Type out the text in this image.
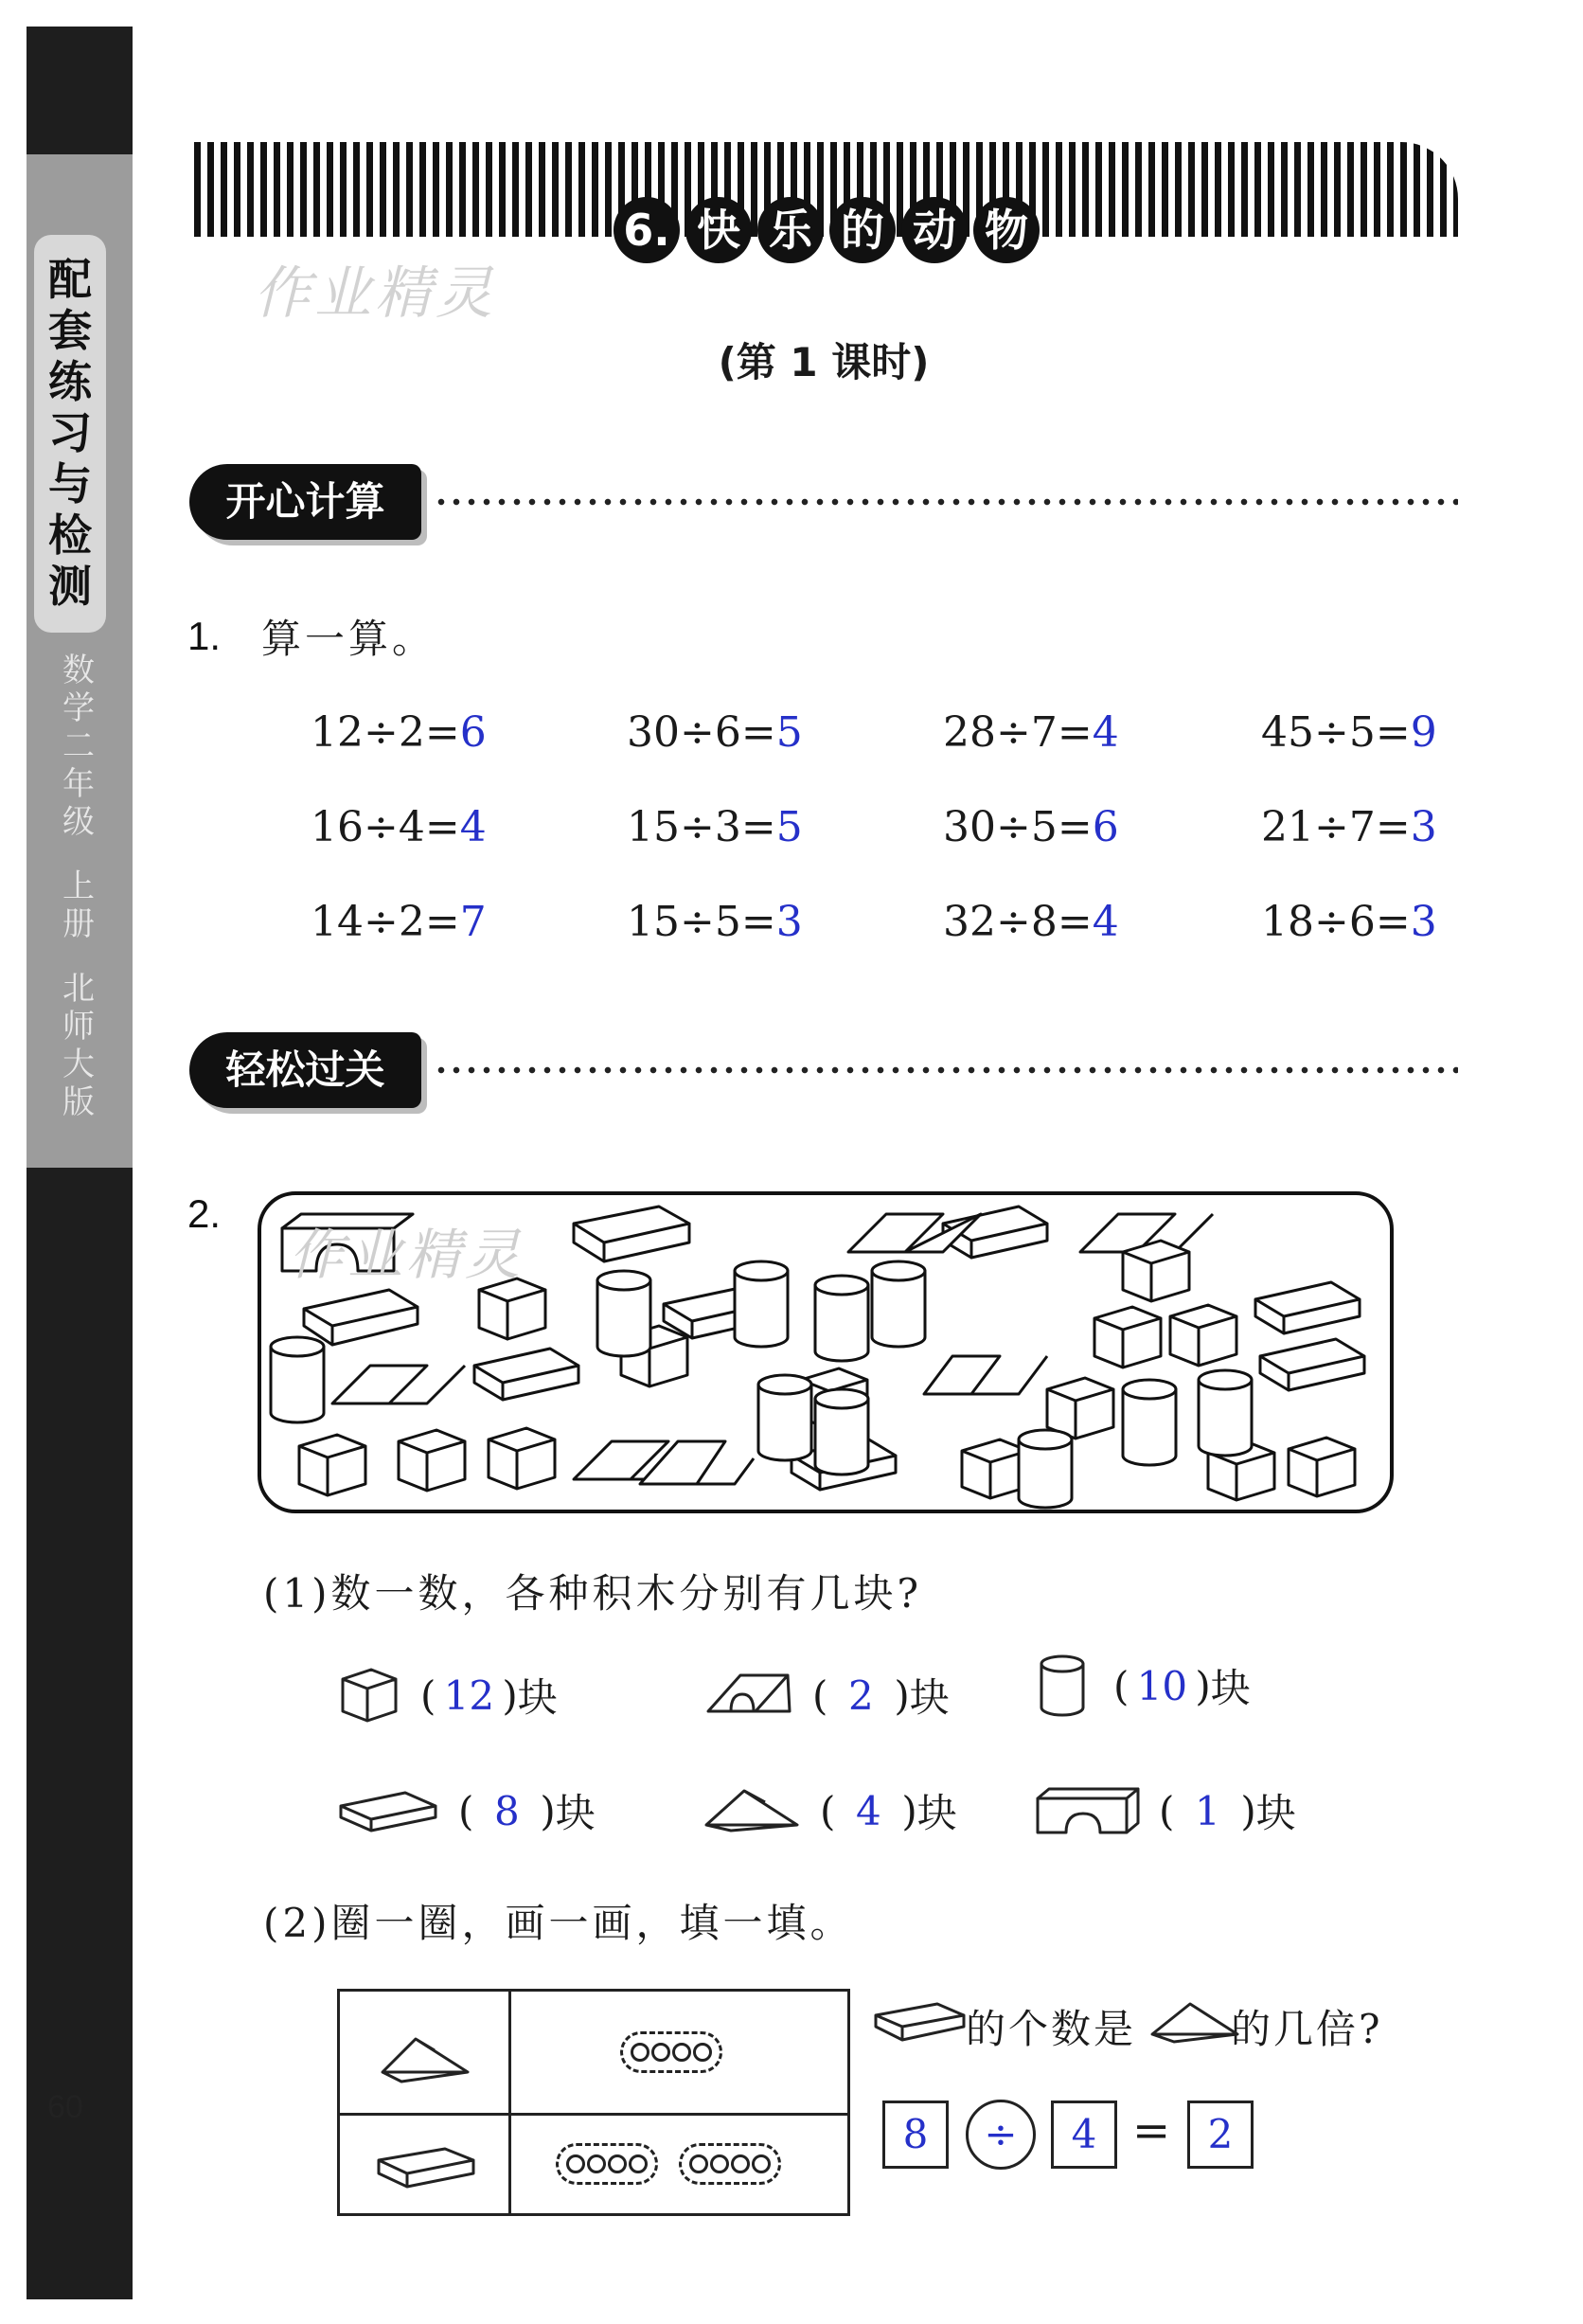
配
套
练
习
与
检
测
数
学
二
年
级
上
册
北
师
大
版
60
6. 快 乐 的 动 物
作业精灵
(第 1 课时)
开心计算
1. 算一算。
12÷2=6	30÷6=5	28÷7=4	45÷5=9
16÷4=4	15÷3=5	30÷5=6	21÷7=3
14÷2=7	15÷5=3	32÷8=4	18÷6=3
轻松过关
2.
作业精灵
(1)数一数，各种积木分别有几块?
( 12 ) 块	( 2 ) 块	( 10 ) 块
( 8 ) 块	( 4 ) 块	( 1 ) 块
(2)圈一圈，画一画，填一填。
的个数是 的几倍?
8	÷	4 = 2
